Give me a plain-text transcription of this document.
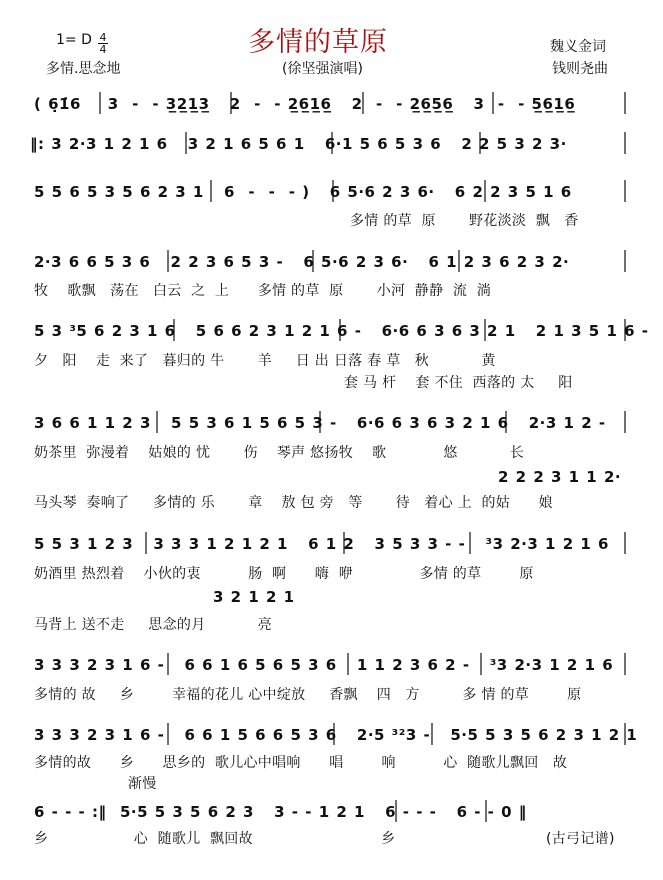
1= D $\frac{4}{4}$
多情.思念地
多情的草原
(徐坚强演唱)
魏义金词
钱则尧曲
( 6̣1̇6    3  -  - 3̲2̲1̲3̲   2  -  - 2̲6̲1̲6̲   2  -  - 2̲6̲5̲6̲   3  -  - 5̲6̲1̲6̲
‖: 3 2·3 1 2 1 6   3 2 1 6 5 6 1   6·1 5 6 5 3 6   2 2 5 3 2 3·
5 5 6 5 3 5 6 2 3 1   6  -  -  - )   6 5·6 2 3 6·   6 2 2 3 5 1 6
多情 的草  原       野花淡淡  飘   香
2·3 6 6 5 3 6   2 2 3 6 5 3 -   6 5·6 2 3 6·   6 1 2 3 6 2 3 2·
牧    歌飘   荡在   白云  之  上      多情 的草  原       小河  静静  流  淌
5 3 ³5 6 2 3 1 6   5 6 6 2 3 1 2 1 6 -   6·6 6 3 6 3 2 1   2 1 3 5 1 6 -
夕   阳    走  来了   暮归的 牛       羊     日 出 日落 春 草   秋           黄
套 马 杆    套 不住  西落的 太     阳
3 6 6 1 1 2 3   5 5 3 6 1 5 6 5 3 -   6·6 6 3 6 3 2 1 6   2·3 1 2 -
奶茶里  弥漫着    姑娘的 忧       伤    琴声 悠扬牧    歌            悠           长
2 2 2 3 1 1 2·
马头琴  奏响了     多情的 乐       章    敖 包 旁   等       待   着心 上  的姑      娘
5 5 3 1 2 3   3 3 3 1 2 1 2 1   6 1 2   3 5 3 3 - -   ³3 2·3 1 2 1 6
奶酒里 热烈着    小伙的衷          肠  啊      嗨  咿              多情 的草        原
3 2 1 2 1
马背上 送不走     思念的月           亮
3 3 3 2 3 1 6 -   6 6 1 6 5 6 5 3 6   1 1 2 3 6 2 -   ³3 2·3 1 2 1 6
多情的 故     乡        幸福的花儿 心中绽放     香飘    四   方         多 情 的草        原
3 3 3 2 3 1 6 -   6 6 1 5 6 6 5 3 6   2·5 ³²3 -   5·5 5 3 5 6 2 3 1 2 1
多情的故      乡      思乡的  歌儿心中唱响      唱        响          心  随歌儿飘回   故
渐慢
6 - - - :‖  5·5 5 3 5 6 2 3   3 - - 1 2 1   6 - - -   6 - - 0 ‖
乡                  心  随歌儿  飘回故                           乡	(古弓记谱)
